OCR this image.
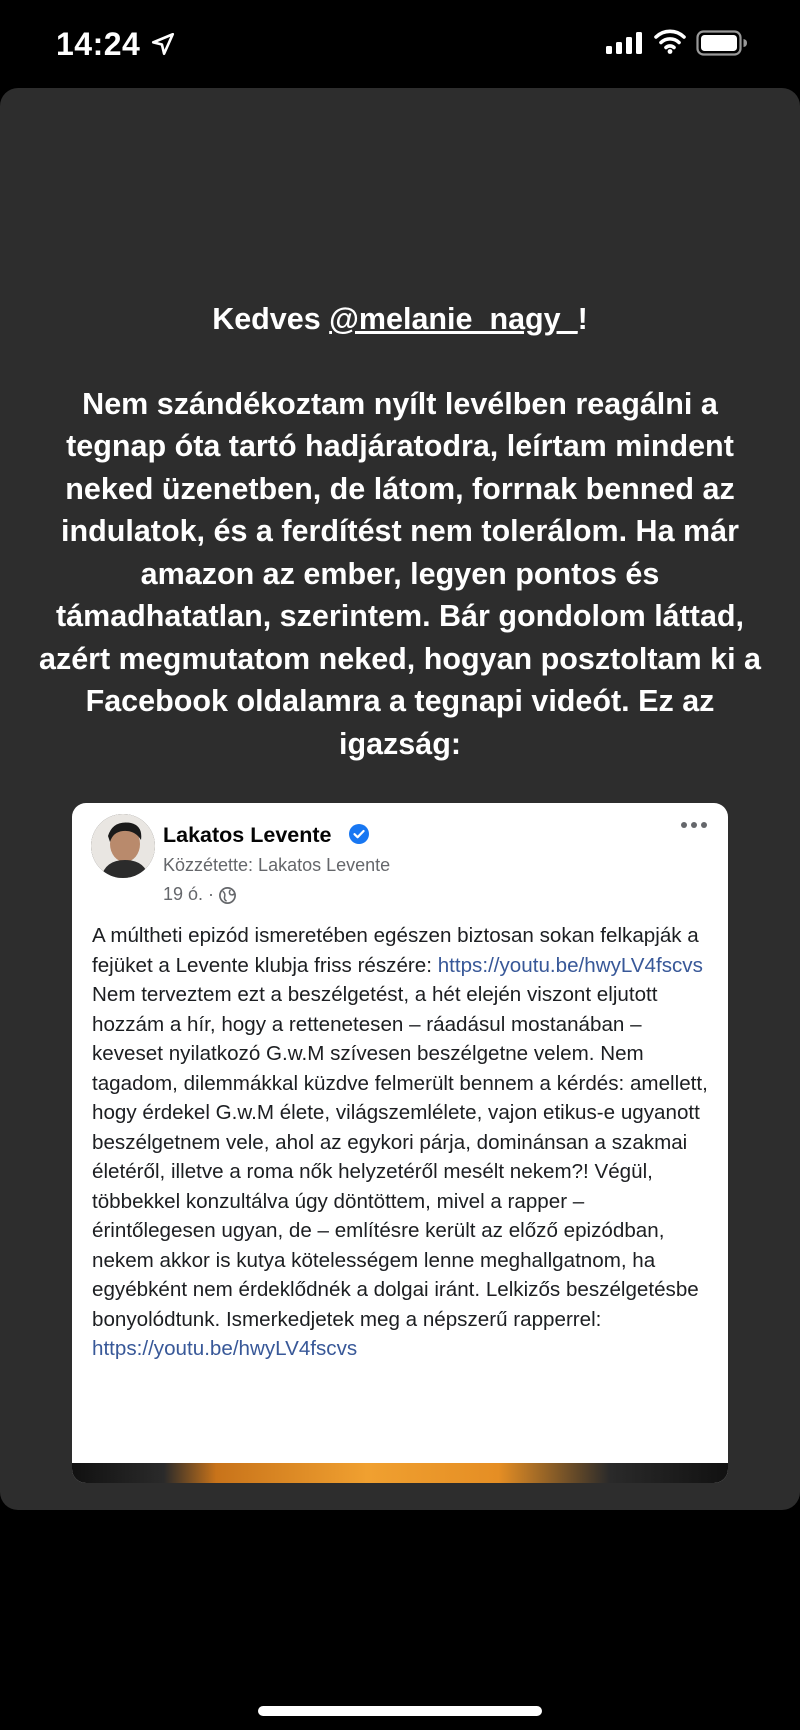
14:24

Kedves @melanie_nagy_!

Nem szándékoztam nyílt levélben reagálni a tegnap óta tartó hadjáratodra, leírtam mindent neked üzenetben, de látom, forrnak benned az indulatok, és a ferdítést nem tolerálom. Ha már amazon az ember, legyen pontos és támadhatatlan, szerintem. Bár gondolom láttad, azért megmutatom neked, hogyan posztoltam ki a Facebook oldalamra a tegnapi videót. Ez az igazság:

Lakatos Levente
Közzétette: Lakatos Levente
19 ó. ·

A múltheti epizód ismeretében egészen biztosan sokan felkapják a fejüket a Levente klubja friss részére: https://youtu.be/hwyLV4fscvs

Nem terveztem ezt a beszélgetést, a hét elején viszont eljutott hozzám a hír, hogy a rettenetesen – ráadásul mostanában – keveset nyilatkozó G.w.M szívesen beszélgetne velem. Nem tagadom, dilemmákkal küzdve felmerült bennem a kérdés: amellett, hogy érdekel G.w.M élete, világszemlélete, vajon etikus-e ugyanott beszélgetnem vele, ahol az egykori párja, dominánsan a szakmai életéről, illetve a roma nők helyzetéről mesélt nekem?! Végül, többekkel konzultálva úgy döntöttem, mivel a rapper – érintőlegesen ugyan, de – említésre került az előző epizódban, nekem akkor is kutya kötelességem lenne meghallgatnom, ha egyébként nem érdeklődnék a dolgai iránt. Lelkizős beszélgetésbe bonyolódtunk. Ismerkedjetek meg a népszerű rapperrel: https://youtu.be/hwyLV4fscvs
